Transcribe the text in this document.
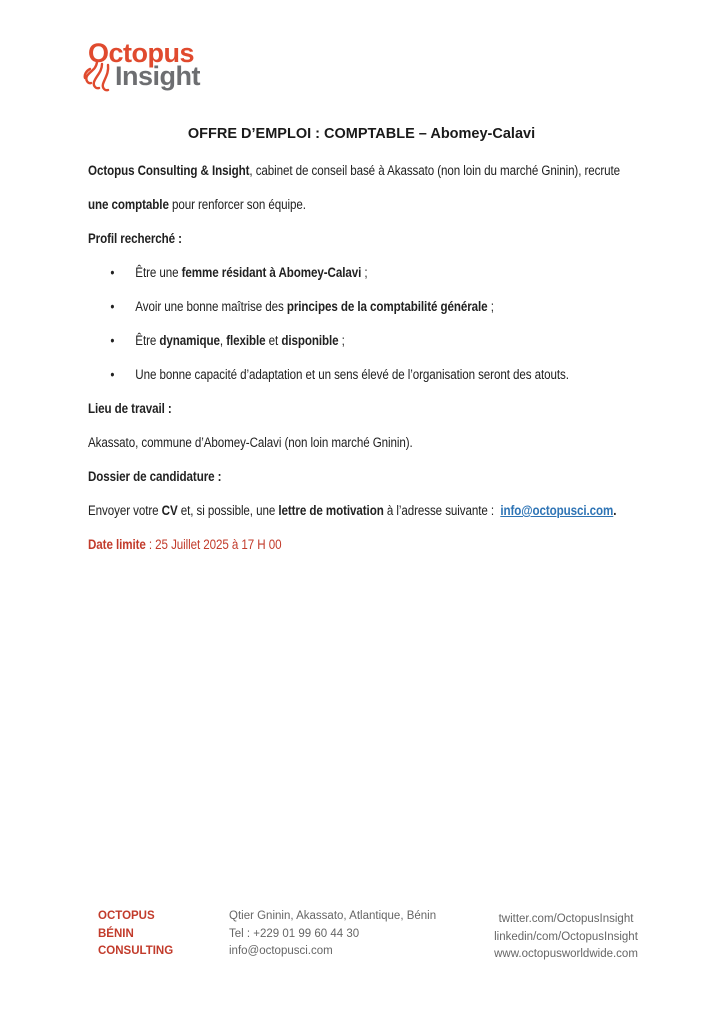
Octopus
Insight
OFFRE D’EMPLOI : COMPTABLE – Abomey-Calavi

Octopus Consulting & Insight, cabinet de conseil basé à Akassato (non loin du marché Gninin), recrute
une comptable pour renforcer son équipe.

Profil recherché :

• Être une femme résidant à Abomey-Calavi ;
• Avoir une bonne maîtrise des principes de la comptabilité générale ;
• Être dynamique, flexible et disponible ;
• Une bonne capacité d’adaptation et un sens élevé de l’organisation seront des atouts.

Lieu de travail :

Akassato, commune d’Abomey-Calavi (non loin marché Gninin).

Dossier de candidature :

Envoyer votre CV et, si possible, une lettre de motivation à l’adresse suivante :  info@octopusci.com.

Date limite : 25 Juillet 2025 à 17 H 00

OCTOPUS
BÉNIN
CONSULTING
Qtier Gninin, Akassato, Atlantique, Bénin
Tel : +229 01 99 60 44 30
info@octopusci.com
twitter.com/OctopusInsight
linkedin/com/OctopusInsight
www.octopusworldwide.com
